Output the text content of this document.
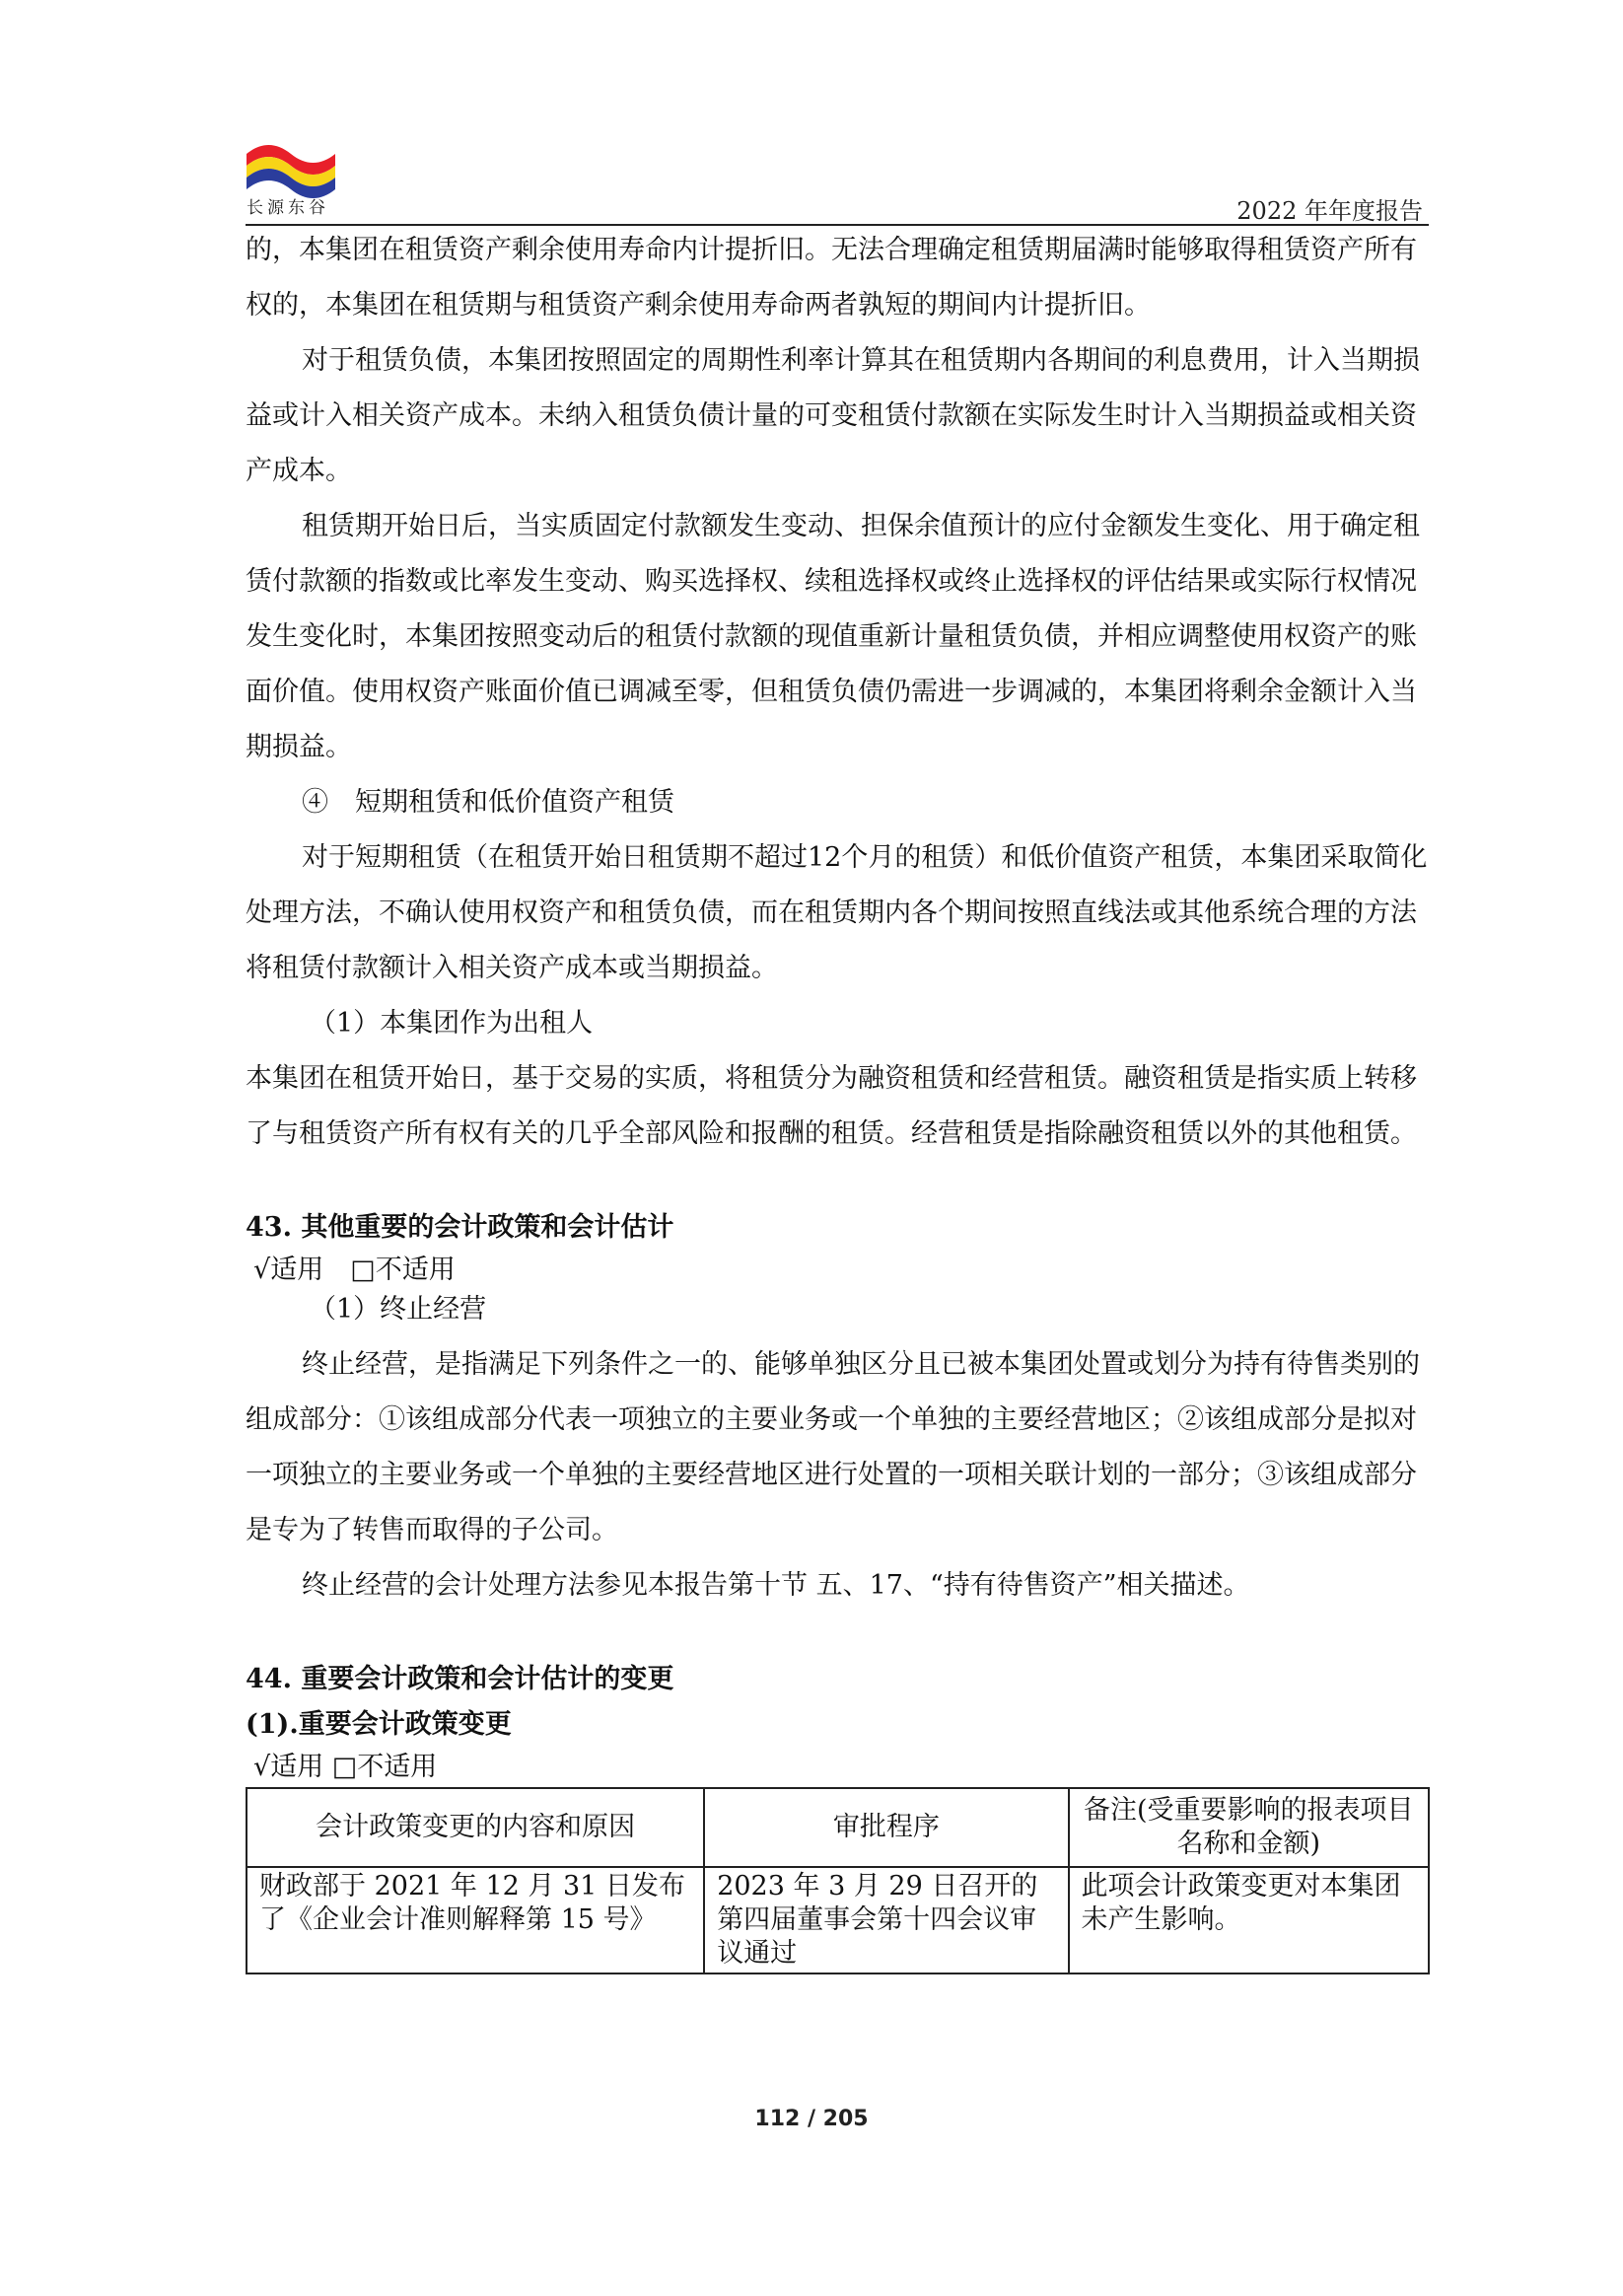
长源东谷	2022 年年度报告

的，本集团在租赁资产剩余使用寿命内计提折旧。无法合理确定租赁期届满时能够取得租赁资产所有权的，本集团在租赁期与租赁资产剩余使用寿命两者孰短的期间内计提折旧。

对于租赁负债，本集团按照固定的周期性利率计算其在租赁期内各期间的利息费用，计入当期损益或计入相关资产成本。未纳入租赁负债计量的可变租赁付款额在实际发生时计入当期损益或相关资产成本。

租赁期开始日后，当实质固定付款额发生变动、担保余值预计的应付金额发生变化、用于确定租赁付款额的指数或比率发生变动、购买选择权、续租选择权或终止选择权的评估结果或实际行权情况发生变化时，本集团按照变动后的租赁付款额的现值重新计量租赁负债，并相应调整使用权资产的账面价值。使用权资产账面价值已调减至零，但租赁负债仍需进一步调减的，本集团将剩余金额计入当期损益。

④　短期租赁和低价值资产租赁

对于短期租赁（在租赁开始日租赁期不超过12个月的租赁）和低价值资产租赁，本集团采取简化处理方法，不确认使用权资产和租赁负债，而在租赁期内各个期间按照直线法或其他系统合理的方法将租赁付款额计入相关资产成本或当期损益。

（1）本集团作为出租人

本集团在租赁开始日，基于交易的实质，将租赁分为融资租赁和经营租赁。融资租赁是指实质上转移了与租赁资产所有权有关的几乎全部风险和报酬的租赁。经营租赁是指除融资租赁以外的其他租赁。

43. 其他重要的会计政策和会计估计

√适用　□不适用

（1）终止经营

终止经营，是指满足下列条件之一的、能够单独区分且已被本集团处置或划分为持有待售类别的组成部分：①该组成部分代表一项独立的主要业务或一个单独的主要经营地区；②该组成部分是拟对一项独立的主要业务或一个单独的主要经营地区进行处置的一项相关联计划的一部分；③该组成部分是专为了转售而取得的子公司。

终止经营的会计处理方法参见本报告第十节 五、17、“持有待售资产”相关描述。

44. 重要会计政策和会计估计的变更

(1).重要会计政策变更

√适用 □不适用

会计政策变更的内容和原因	审批程序	备注(受重要影响的报表项目名称和金额)
财政部于 2021 年 12 月 31 日发布了《企业会计准则解释第 15 号》	2023 年 3 月 29 日召开的第四届董事会第十四会议审议通过	此项会计政策变更对本集团未产生影响。
112 / 205
